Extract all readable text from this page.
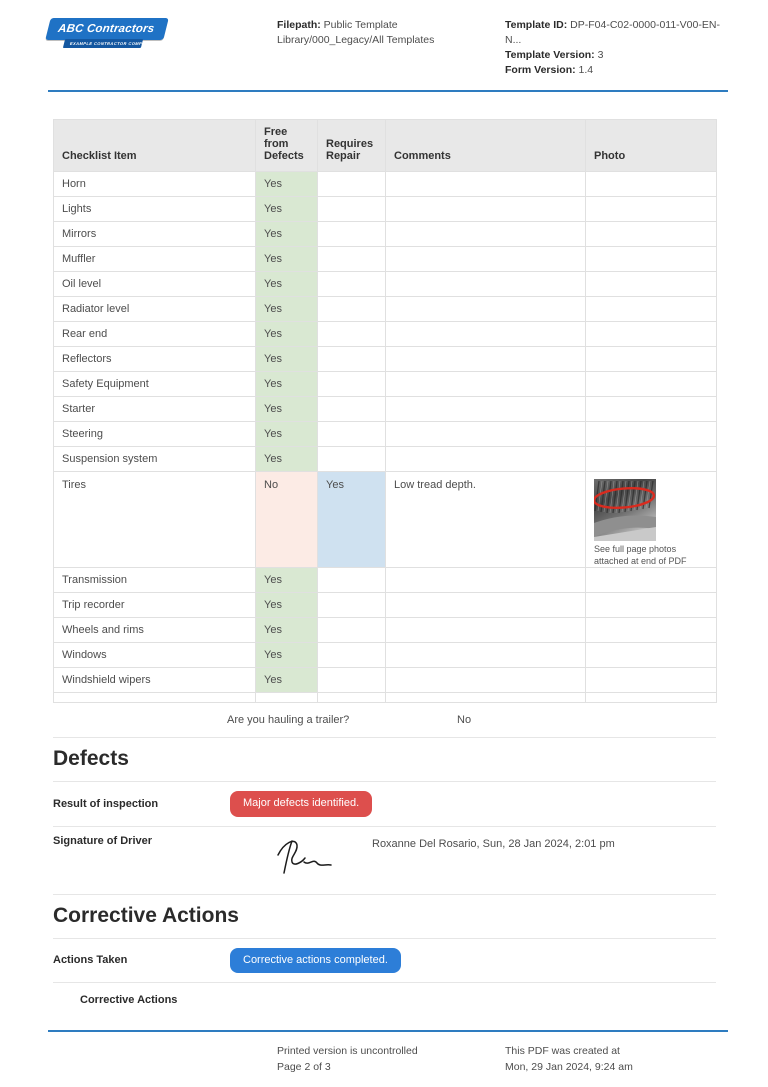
ABC Contractors
EXAMPLE CONTRACTOR COMPANY
Filepath: Public Template Library/000_Legacy/All Templates
Template ID: DP-F04-C02-0000-011-V00-EN-N...
Template Version: 3
Form Version: 1.4
Checklist Item	Free from Defects	Requires Repair	Comments	Photo
Horn	Yes			
Lights	Yes			
Mirrors	Yes			
Muffler	Yes			
Oil level	Yes			
Radiator level	Yes			
Rear end	Yes			
Reflectors	Yes			
Safety Equipment	Yes			
Starter	Yes			
Steering	Yes			
Suspension system	Yes			
Tires	No	Yes	Low tread depth.	See full page photos attached at end of PDF

Transmission	Yes			
Trip recorder	Yes			
Wheels and rims	Yes			
Windows	Yes			
Windshield wipers	Yes			

Are you hauling a trailer?	No
Defects
Result of inspection	Major defects identified.
Signature of Driver	Roxanne Del Rosario, Sun, 28 Jan 2024, 2:01 pm
Corrective Actions
Actions Taken	Corrective actions completed.
Corrective Actions
Printed version is uncontrolled
Page 2 of 3
This PDF was created at
Mon, 29 Jan 2024, 9:24 am
